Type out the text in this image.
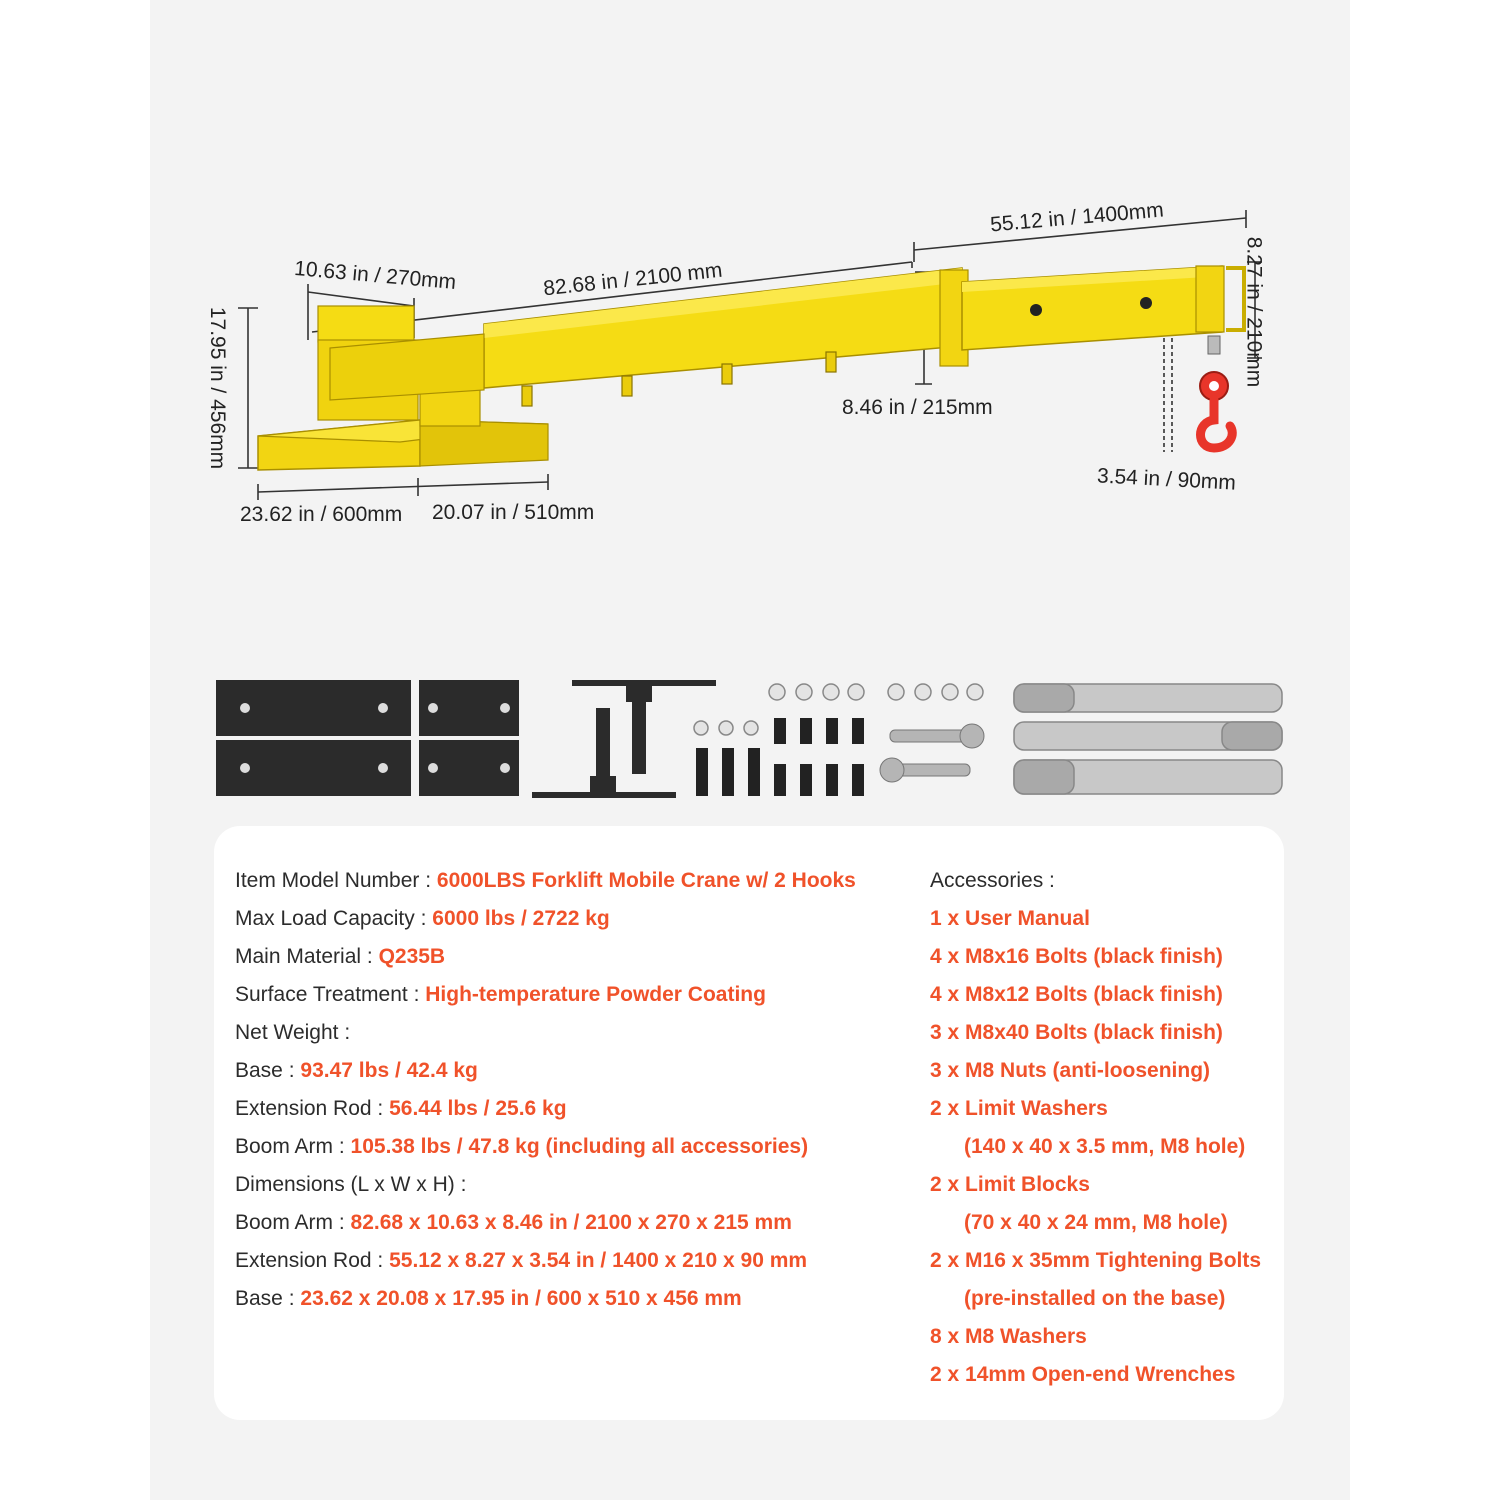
55.12 in / 1400mm
82.68 in / 2100 mm
10.63 in / 270mm	8.27 in / 210mm
8.46 in / 215mm
17.95 in / 456mm
23.62 in / 600mm 20.07 in / 510mm
3.54 in / 90mm
Item Model Number : 6000LBS Forklift Mobile Crane w/ 2 Hooks
Max Load Capacity : 6000 lbs / 2722 kg
Main Material : Q235B
Surface Treatment : High-temperature Powder Coating
Net Weight :
Base : 93.47 lbs / 42.4 kg
Extension Rod : 56.44 lbs / 25.6 kg
Boom Arm : 105.38 lbs / 47.8 kg (including all accessories)
Dimensions (L x W x H) :
Boom Arm : 82.68 x 10.63 x 8.46 in / 2100 x 270 x 215 mm
Extension Rod : 55.12 x 8.27 x 3.54 in / 1400 x 210 x 90 mm
Base : 23.62 x 20.08 x 17.95 in / 600 x 510 x 456 mm
Accessories :
1 x User Manual
4 x M8x16 Bolts (black finish)
4 x M8x12 Bolts (black finish)
3 x M8x40 Bolts (black finish)
3 x M8 Nuts (anti-loosening)
2 x Limit Washers
(140 x 40 x 3.5 mm, M8 hole)
2 x Limit Blocks
(70 x 40 x 24 mm, M8 hole)
2 x M16 x 35mm Tightening Bolts
(pre-installed on the base)
8 x M8 Washers
2 x 14mm Open-end Wrenches
